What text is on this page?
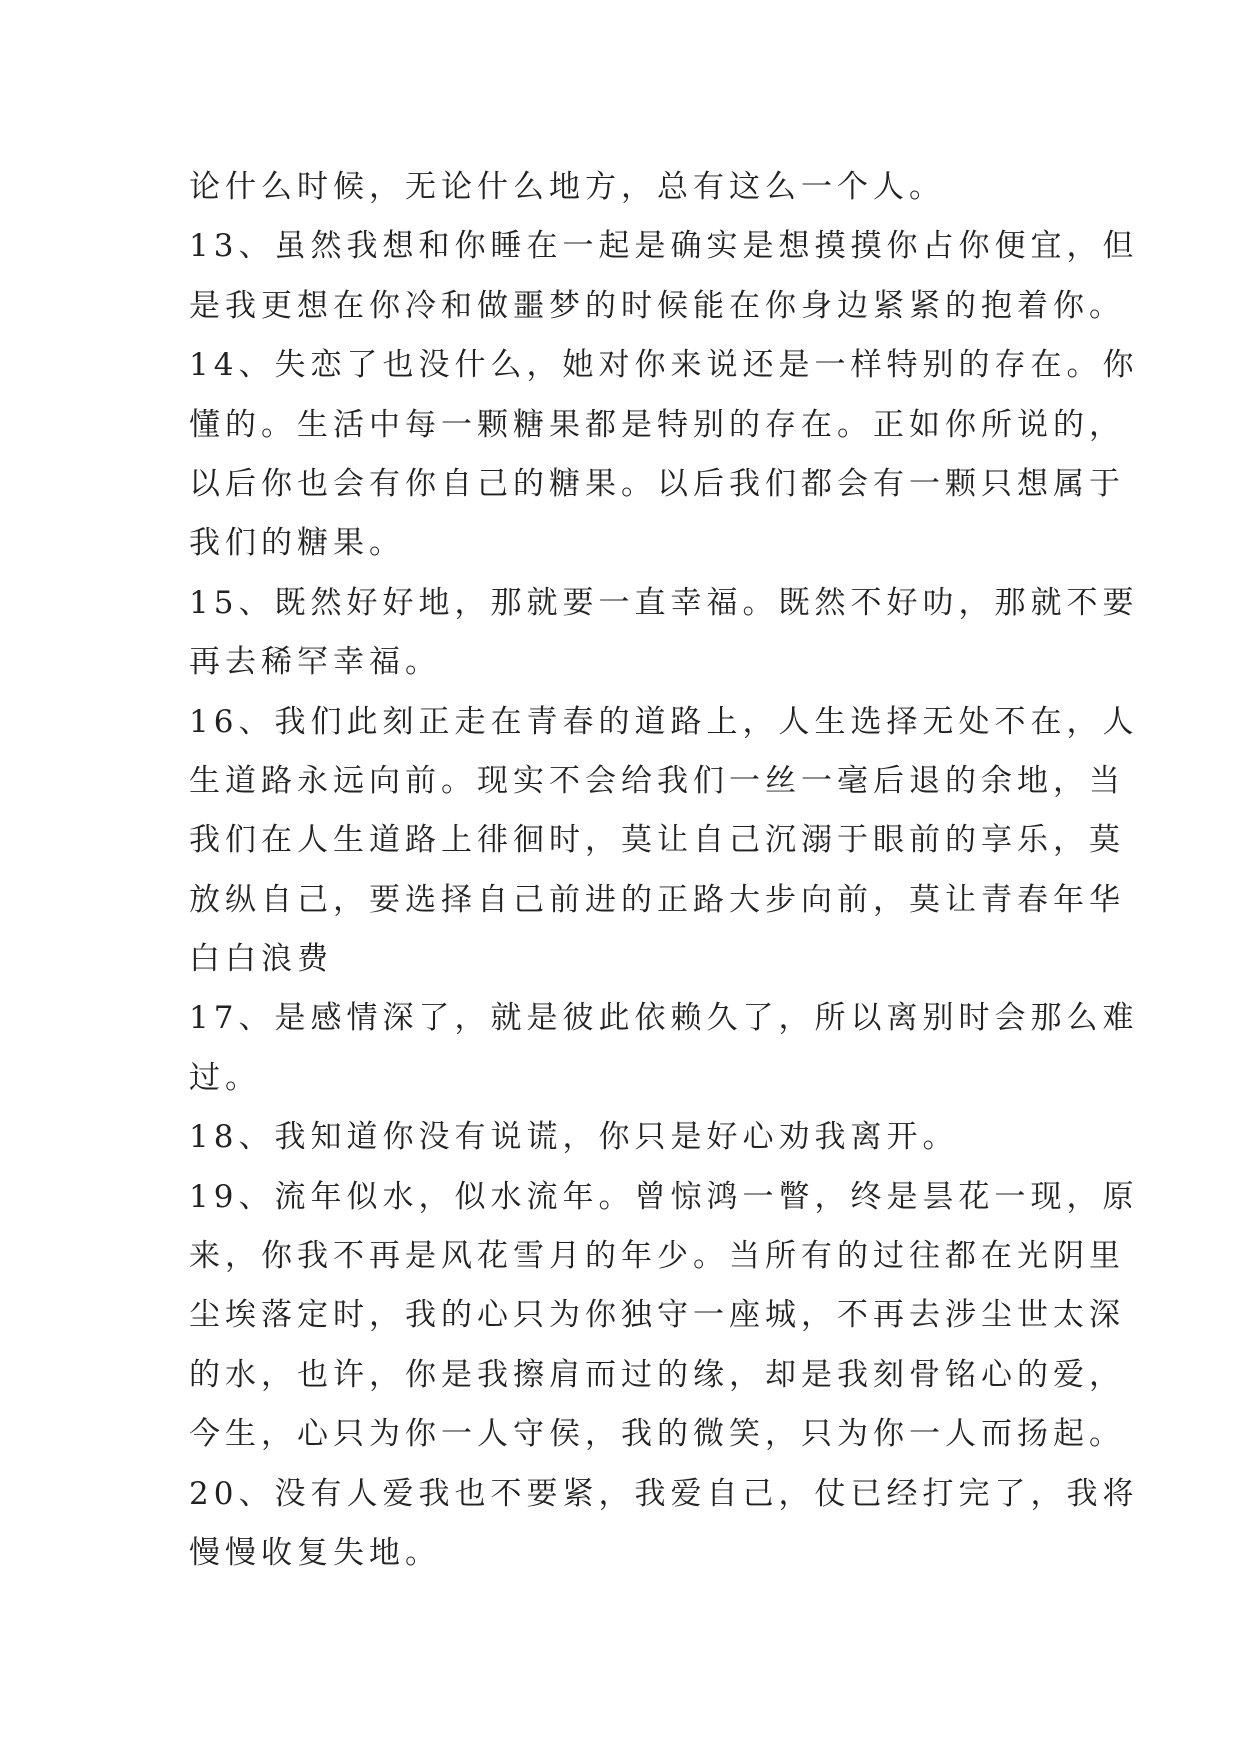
论什么时候，无论什么地方，总有这么一个人。
13、虽然我想和你睡在一起是确实是想摸摸你占你便宜，但
是我更想在你冷和做噩梦的时候能在你身边紧紧的抱着你。
14、失恋了也没什么，她对你来说还是一样特别的存在。你
懂的。生活中每一颗糖果都是特别的存在。正如你所说的，
以后你也会有你自己的糖果。以后我们都会有一颗只想属于
我们的糖果。
15、既然好好地，那就要一直幸福。既然不好叻，那就不要
再去稀罕幸福。
16、我们此刻正走在青春的道路上，人生选择无处不在，人
生道路永远向前。现实不会给我们一丝一毫后退的余地，当
我们在人生道路上徘徊时，莫让自己沉溺于眼前的享乐，莫
放纵自己，要选择自己前进的正路大步向前，莫让青春年华
白白浪费
17、是感情深了，就是彼此依赖久了，所以离别时会那么难
过。
18、我知道你没有说谎，你只是好心劝我离开。
19、流年似水，似水流年。曾惊鸿一瞥，终是昙花一现，原
来，你我不再是风花雪月的年少。当所有的过往都在光阴里
尘埃落定时，我的心只为你独守一座城，不再去涉尘世太深
的水，也许，你是我擦肩而过的缘，却是我刻骨铭心的爱，
今生，心只为你一人守侯，我的微笑，只为你一人而扬起。
20、没有人爱我也不要紧，我爱自己，仗已经打完了，我将
慢慢收复失地。
